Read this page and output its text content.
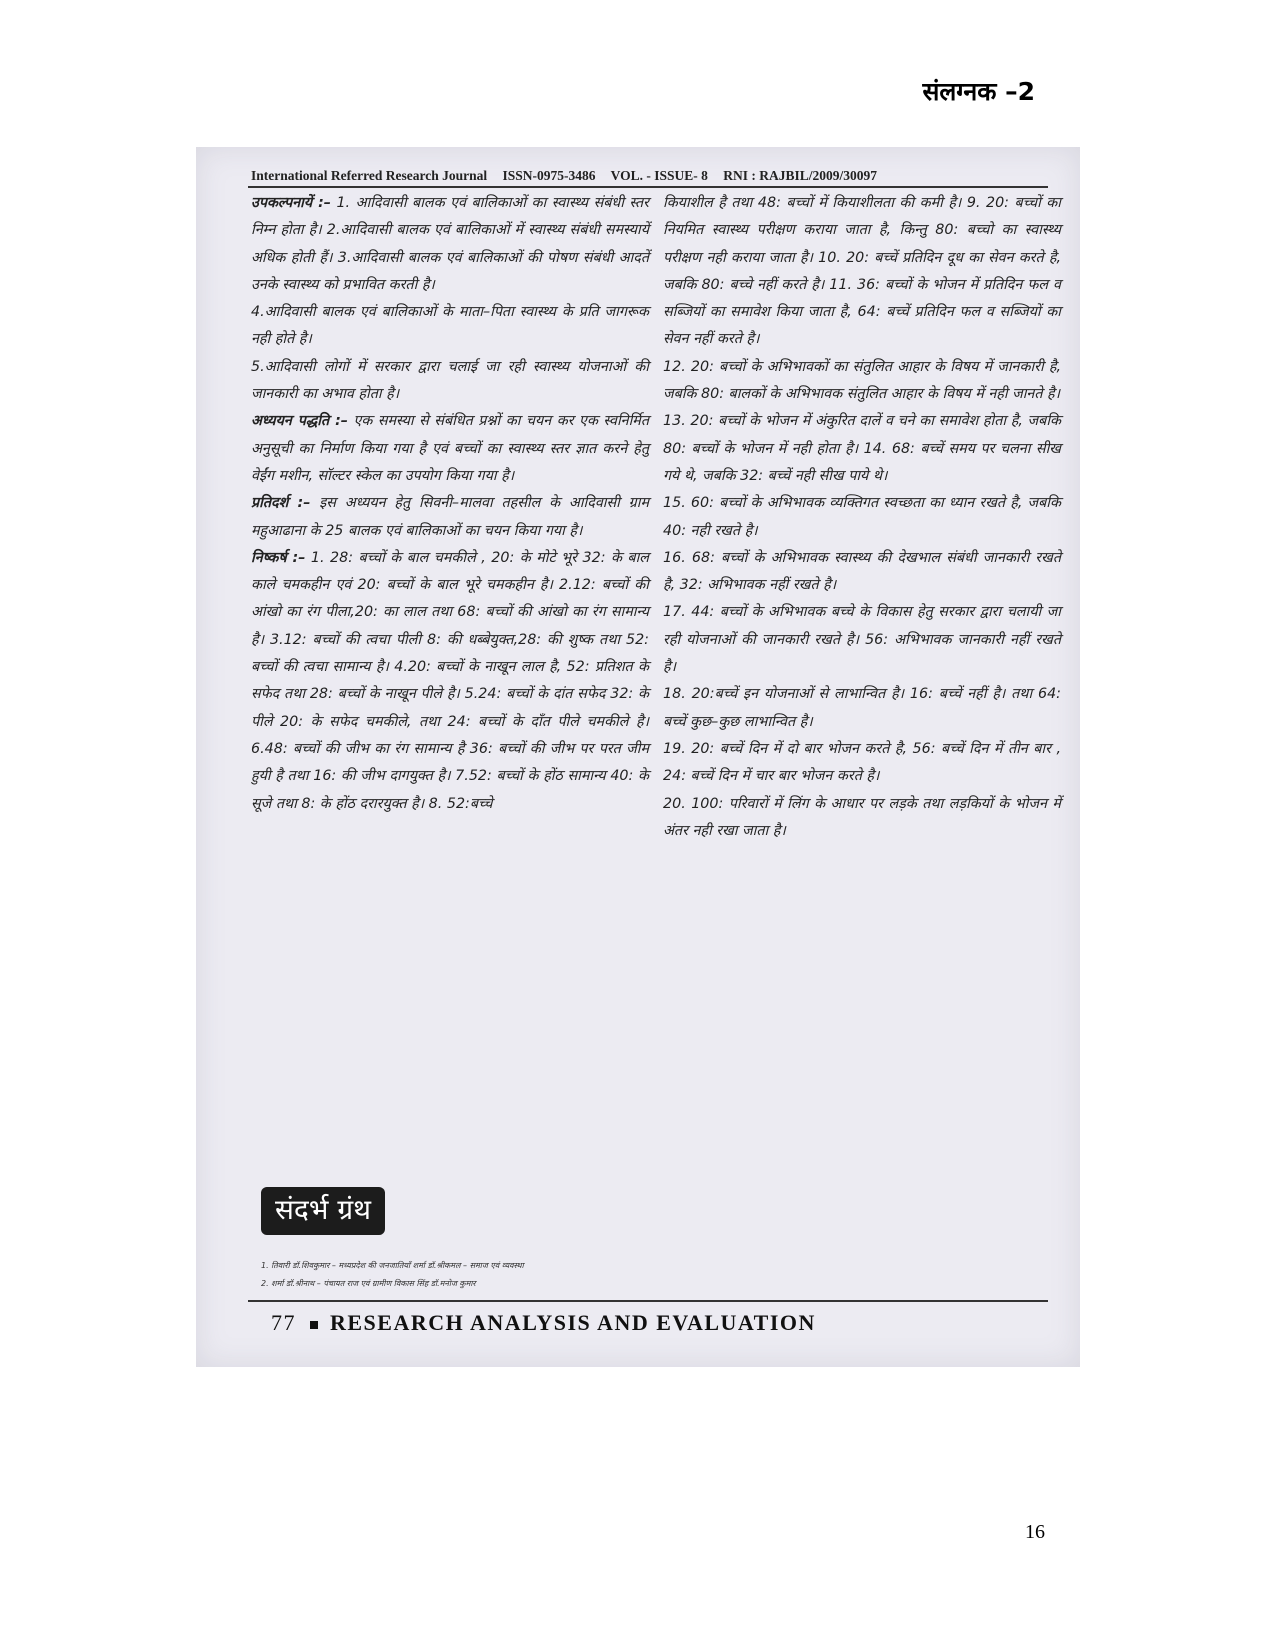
संलग्नक –2
International Referred Research Journal ISSN-0975-3486 VOL. - ISSUE- 8 RNI : RAJBIL/2009/30097

उपकल्पनायें :– 1. आदिवासी बालक एवं बालिकाओं का स्वास्थ्य संबंधी स्तर निम्न होता है। 2.आदिवासी बालक एवं बालिकाओं में स्वास्थ्य संबंधी समस्यायें अधिक होती हैं। 3.आदिवासी बालक एवं बालिकाओं की पोषण संबंधी आदतें उनके स्वास्थ्य को प्रभावित करती है।

4.आदिवासी बालक एवं बालिकाओं के माता–पिता स्वास्थ्य के प्रति जागरूक नही होते है।

5.आदिवासी लोगों में सरकार द्वारा चलाई जा रही स्वास्थ्य योजनाओं की जानकारी का अभाव होता है।

अध्ययन पद्धति :– एक समस्या से संबंधित प्रश्नों का चयन कर एक स्वनिर्मित अनुसूची का निर्माण किया गया है एवं बच्चों का स्वास्थ्य स्तर ज्ञात करने हेतु वेईंग मशीन, सॉल्टर स्केल का उपयोग किया गया है।

प्रतिदर्श :– इस अध्ययन हेतु सिवनी–मालवा तहसील के आदिवासी ग्राम महुआढाना के 25 बालक एवं बालिकाओं का चयन किया गया है।

निष्कर्ष :– 1. 28: बच्चों के बाल चमकीले , 20: के मोटे भूरे 32: के बाल काले चमकहीन एवं 20: बच्चों के बाल भूरे चमकहीन है। 2.12: बच्चों की आंखो का रंग पीला,20: का लाल तथा 68: बच्चों की आंखो का रंग सामान्य है। 3.12: बच्चों की त्वचा पीली 8: की धब्बेयुक्त,28: की शुष्क तथा 52: बच्चों की त्वचा सामान्य है। 4.20: बच्चों के नाखून लाल है, 52: प्रतिशत के सफेद तथा 28: बच्चों के नाखून पीले है। 5.24: बच्चों के दांत सफेद 32: के पीले 20: के सफेद चमकीले, तथा 24: बच्चों के दाँत पीले चमकीले है। 6.48: बच्चों की जीभ का रंग सामान्य है 36: बच्चों की जीभ पर परत जीम हुयी है तथा 16: की जीभ दागयुक्त है। 7.52: बच्चों के होंठ सामान्य 40: के सूजे तथा 8: के होंठ दरारयुक्त है। 8. 52:बच्चे

कियाशील है तथा 48: बच्चों में कियाशीलता की कमी है। 9. 20: बच्चों का नियमित स्वास्थ्य परीक्षण कराया जाता है, किन्तु 80: बच्चो का स्वास्थ्य परीक्षण नही कराया जाता है। 10. 20: बच्चें प्रतिदिन दूध का सेवन करते है, जबकि 80: बच्चे नहीं करते है। 11. 36: बच्चों के भोजन में प्रतिदिन फल व सब्जियों का समावेश किया जाता है, 64: बच्चें प्रतिदिन फल व सब्जियों का सेवन नहीं करते है।

12. 20: बच्चों के अभिभावकों का संतुलित आहार के विषय में जानकारी है, जबकि 80: बालकों के अभिभावक संतुलित आहार के विषय में नही जानते है।

13. 20: बच्चों के भोजन में अंकुरित दालें व चने का समावेश होता है, जबकि 80: बच्चों के भोजन में नही होता है। 14. 68: बच्चें समय पर चलना सीख गये थे, जबकि 32: बच्चें नही सीख पाये थे।

15. 60: बच्चों के अभिभावक व्यक्तिगत स्वच्छता का ध्यान रखते है, जबकि 40: नही रखते है।

16. 68: बच्चों के अभिभावक स्वास्थ्य की देखभाल संबंधी जानकारी रखते है, 32: अभिभावक नहीं रखते है।

17. 44: बच्चों के अभिभावक बच्चे के विकास हेतु सरकार द्वारा चलायी जा रही योजनाओं की जानकारी रखते है। 56: अभिभावक जानकारी नहीं रखते है।

18. 20:बच्चें इन योजनाओं से लाभान्वित है। 16: बच्चें नहीं है। तथा 64: बच्चें कुछ–कुछ लाभान्वित है।

19. 20: बच्चें दिन में दो बार भोजन करते है, 56: बच्चें दिन में तीन बार , 24: बच्चें दिन में चार बार भोजन करते है।

20. 100: परिवारों में लिंग के आधार पर लड़के तथा लड़कियों के भोजन में अंतर नही रखा जाता है।

संदर्भ ग्रंथ
1. तिवारी डॉ.शिवकुमार – मध्यप्रदेश की जनजातियाँ शर्मा डॉ.श्रीकमल – समाज एवं व्यवस्था
2. शर्मा डॉ.श्रीनाथ – पंचायत राज एवं ग्रामीण विकास सिंह डॉ.मनोज कुमार
77 RESEARCH ANALYSIS AND EVALUATION
16
